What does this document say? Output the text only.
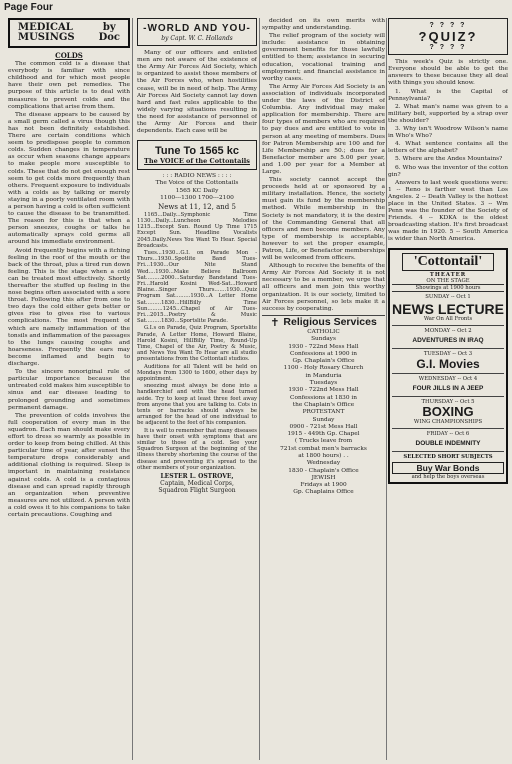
Page Four
MEDICAL
MUSINGS
by
Doc
COLDS

The common cold is a disease that everybody is familiar with since childhood and for which most people have their own pet remedies. The purpose of this article is to deal with measures to prevent colds and the complications that arise from them.

The disease appears to be caused by a small germ called a virus though this has not been definitely established. There are certain conditions which seem to predispose people to common colds. Sudden changes in temperature as occur when seasons change appears to make people more susceptible to colds. These that do not get enough rest seem to get colds more frequently than others. Frequent exposure to individuals with a colds as by talking or merely staying in a poorly ventilated room with a person having a cold is often sufficient to cause the disease to be transmitted. The reason for this is that when a person sneezes, coughs or talks he automatically sprays cold germs all around his immediate environment.

Avoid frequently begins with a itching feeling in the roof of the mouth or the back of the throat, plus a tired run down feeling. This is the stage when a cold can be treated most effectively. Shortly thereafter the stuffed up feeling in the nose begins often associated with a sore throat. Following this after from one to two days the cold either gets better or gives rise to gives rise to various complications. The most frequent of which are namely inflammation of the tonsils and inflammation of the passages to the lungs causing coughs and hoarseness. Frequently the ears may become inflamed and begin to discharge.

To the sincere nonoriginal rule of particular importance because the untreated cold makes him susceptible to sinus and ear disease leading to prolonged grounding and sometimes permanent damage.

The prevention of colds involves the full cooperation of every man in the squadron. Each man should make every effort to dress so warmly as possible in order to keep from being chilled. At this particular time of year, after sunset the temperature drops considerably and additional clothing is required. Sleep is important in maintaining resistance against colds. A cold is a contagious disease and can spread rapidly through an organization when preventive measures are not utilized. A person with a cold owes it to his companions to take certain precautions. Coughing and

-WORLD AND YOU-
by Capt. W. C. Hollands

Many of our officers and enlisted men are not aware of the existence of the Army Air Forces Aid Society, which is organized to assist those members of the Air Forces who, when hostilities cease, will be in need of help. The Army Air Forces Aid Society cannot lay down hard and fast rules applicable to the widely varying situations resulting in the need for assistance of personnel of the Army Air Forces and their dependents. Each case will be

Tune To 1565 kc
The VOICE of the Cottontails
: : : RADIO NEWS : : : :
The Voice of the Cottontails
1565 KC Daily
1100---1300 1700---2100
News at 11, 12, and 5

1165...Daily...Symphonic Time 1130...Daily...Luncheon Melodies 1215...Except Sun. Round Up Time 1715 Except Sun. Headline Vocalists 2045.Daily.News You Want To Hear. Special Broadcasts.

Tues...1930...G.I. on Parade Mon - Thurs...1930..Spotlite Band Tues-Fri...1930...Our Nite Stand Wed....1930...Make Believe Ballroom Sat.........2000...Saturday Bandstand Tues-Fri...Harold Kosini Wed-Sat...Howard Blaine...Singer Thurs.......1930...Quiz Program Sat.........1930...A Letter Home Sat.........1830...HillBilly Time Sun.........1245...Chapel of Air Tues-Fri...2015...Poetry & Music Sat.........1830...Sportslite Parade.

G.I.s on Parade, Quiz Program, Sportslite Parade, A Letter Home, Howard Blaine, Harold Kosini, HillBilly Time, Round-Up Time, Chapel of the Air, Poetry & Music, and News You Want To Hear are all studio presentations from the Cottontail studios.

Auditions for all Talent will be held on Mondays from 1300 to 1600, other days by appointment.

sneezing must always be done into a handkerchief and with the head turned aside. Try to keep at least three feet away from anyone that you are talking to. Cots in tents or barracks should always be arranged for the head of one individual to be adjacent to the feet of his companion.

It is well to remember that many diseases have their onset with symptoms that are similar to those of a cold. See your Squadron Surgeon at the beginning of the illness thereby shortening the course of the disease and preventing it's spread to the other members of your organization.

LESTER L. OSTROVE,
Captain, Medical Corps,
Squadron Flight Surgeon

decided on its own merits with sympathy and understanding.

The relief program of the society will include: assistance in obtaining government benefits for those lawfully entitled to them; assistance in securing education, vocational training and employment; and financial assistance in worthy cases.

The Army Air Forces Aid Society is an association of individuals incorporated under the laws of the District of Columbia. Any individual may make application for membership. There are four types of members who are required to pay dues and are entitled to vote in person at any meeting of members. Dues for Patron Membership are 100 and for Life Membership are 50.; dues for a Benefactor member are 5.00 per year, and 1.00 per year for a Member at Large.

This society cannot accept the proceeds held at or sponsored by a military installation. Hence, the society must gain its fund by the membership method. While membership in the Society is not mandatory, it is the desire of the Commanding General that all officers and men become members. Any type of membership is acceptable, however to set the proper example, Patron, Life, or Benefactor memberships will be welcomed from officers.

Although to receive the benefits of the Army Air Forces Aid Society it is not necessary to be a member, we urge that all officers and men join this worthy organization. It is our society, limited to Air Forces personnel, so lets make it a success by cooperating.

✝ Religious Services
CATHOLIC
Sundays
1930 - 722nd Mess Hall
Confessions at 1900 in
Gp. Chaplain's Office
1100 - Holy Rosary Church
in Manduria
Tuesdays
1930 - 722nd Mess Hall
Confessions at 1830 in
the Chaplain's Office
PROTESTANT
Sunday
0900 - 721st Mess Hall
1915 - 449th Gp. Chapel
( Trucks leave from
721st combat men's barracks
at 1800 hours) . .
Wednesday
1830 - Chaplain's Office
JEWISH
Fridays at 1900
Gp. Chaplains Office
? ? ? ?
?QUIZ?
? ? ? ?

This week's Quiz is strictly one. Everyone should be able to get the answers to these because they all deal with things you should know.

1. What is the Capital of Pennsylvania?

2. What man's name was given to a military belt, supported by a strap over the shoulder?

3. Why isn't Woodrow Wilson's name in Who's Who?

4. What sentence contains all the letters of the alphabet?

5. Where are the Andes Mountains?

6. Who was the inventor of the cotton gin?

Answers to last week questions were: 1 -- Reno is farther west than Los Angeles. 2 -- Death Valley is the hottest place in the United States. 3 -- Wm Penn was the founder of the Society of Friends. 4 -- KDKA is the oldest broadcasting station. It's first broadcast was made in 1920. 5 -- South America is wider than North America.

'Cottontail'
THEATER
ON THE STAGE
Showings at 1900 hours
SUNDAY -- Oct 1
NEWS LECTURE
War On All Fronts
MONDAY -- Oct 2
ADVENTURES IN IRAQ
TUESDAY -- Oct 3
G.I. Movies
WEDNESDAY -- Oct 4
FOUR JILLS IN A JEEP
THURSDAY -- Oct 5
BOXING
WING CHAMPIONSHIPS
FRIDAY -- Oct 6
DOUBLE INDEMNITY
SELECTED SHORT SUBJECTS
Buy War Bonds
and help the boys overseas
